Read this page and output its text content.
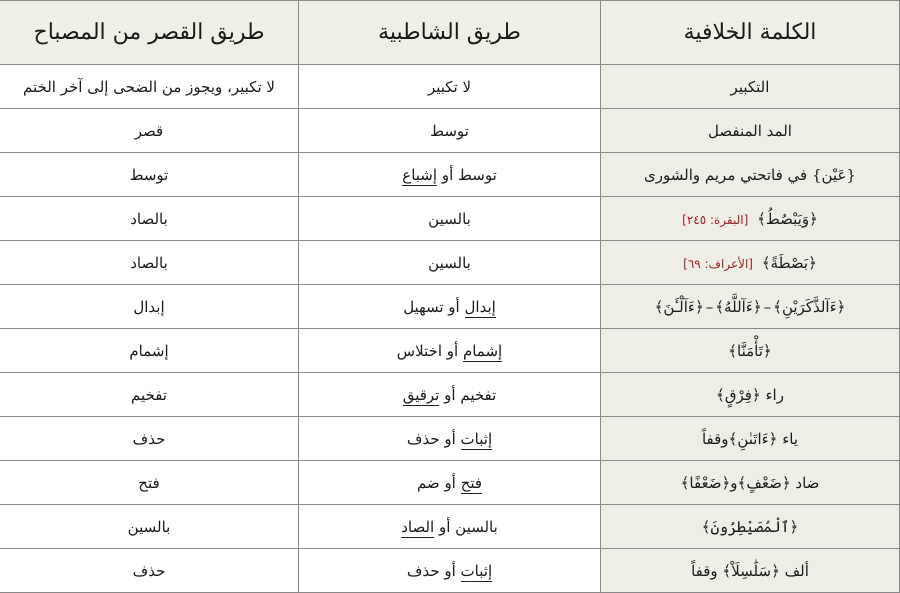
الكلمة الخلافية	طريق الشاطبية	طريق القصر من المصباح
التكبير	لا تكبير	لا تكبير، ويجوز من الضحى إلى آخر الختم
المد المنفصل	توسط	قصر
{عَيْن} في فاتحتي مريم والشورى	توسط أو إشباع	توسط
﴿وَيَبْصُطُ﴾ [البقرة: ٢٤٥]	بالسين	بالصاد
﴿بَصْطَةً﴾ [الأعراف: ٦٩]	بالسين	بالصاد
﴿ءَآلذَّكَرَيْنِ﴾–﴿ءَآللَّهُ﴾–﴿ءَآلْـَٔنَ﴾	إبدال أو تسهيل	إبدال
﴿تَأْمَنَّا﴾	إشمام أو اختلاس	إشمام
راء ﴿فِرْقٍ﴾	تفخيم أو ترقيق	تفخيم
ياء ﴿ءَاتَىٰنِ﴾وقفاً	إثبات أو حذف	حذف
ضاد ﴿ضَعْفٍ﴾و﴿ضَعْفًا﴾	فتح أو ضم	فتح
﴿ٱلْمُصَيْطِرُونَ﴾	بالسين أو الصاد	بالسين
ألف ﴿سَلَٰسِلَاْ﴾ وقفاً	إثبات أو حذف	حذف
